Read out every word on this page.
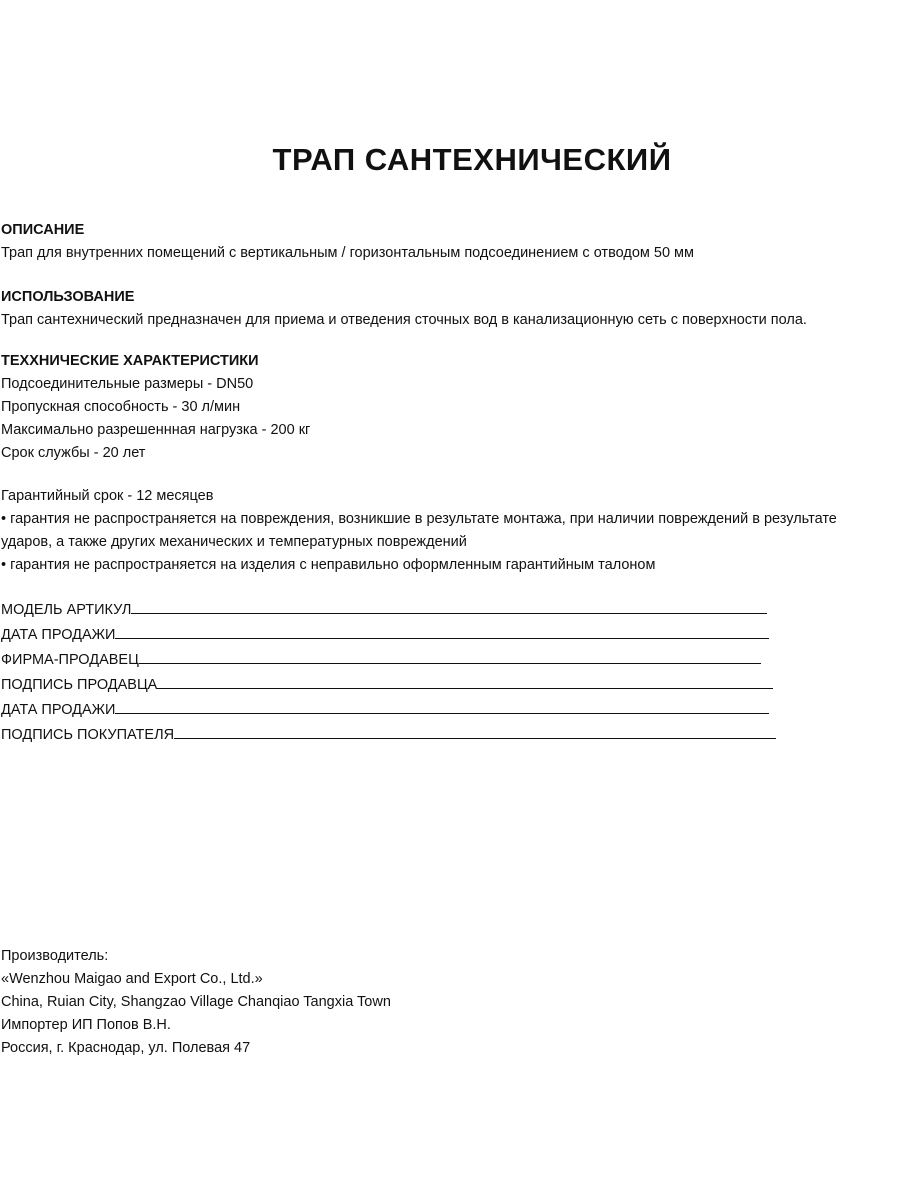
ТРАП САНТЕХНИЧЕСКИЙ
ОПИСАНИЕ
Трап для внутренних помещений с вертикальным / горизонтальным подсоединением с отводом 50 мм
ИСПОЛЬЗОВАНИЕ
Трап сантехнический предназначен для приема и отведения сточных вод в канализационную сеть с поверхности пола.
ТЕХХНИЧЕСКИЕ ХАРАКТЕРИСТИКИ
Подсоединительные размеры - DN50
Пропускная способность - 30 л/мин
Максимально разрешеннная нагрузка - 200 кг
Срок службы - 20 лет
Гарантийный срок - 12 месяцев
• гарантия не распространяется на повреждения, возникшие в результате монтажа, при наличии повреждений в результате
ударов, а также других механических и температурных повреждений
• гарантия не распространяется на изделия с неправильно оформленным гарантийным талоном
МОДЕЛЬ АРТИКУЛ
ДАТА ПРОДАЖИ
ФИРМА-ПРОДАВЕЦ
ПОДПИСЬ ПРОДАВЦА
ДАТА ПРОДАЖИ
ПОДПИСЬ ПОКУПАТЕЛЯ
Производитель:
«Wenzhou Maigao and Export Co., Ltd.»
China, Ruian City, Shangzao Village Chanqiao Tangxia Town
Импортер ИП Попов В.Н.
Россия, г. Краснодар, ул. Полевая 47
